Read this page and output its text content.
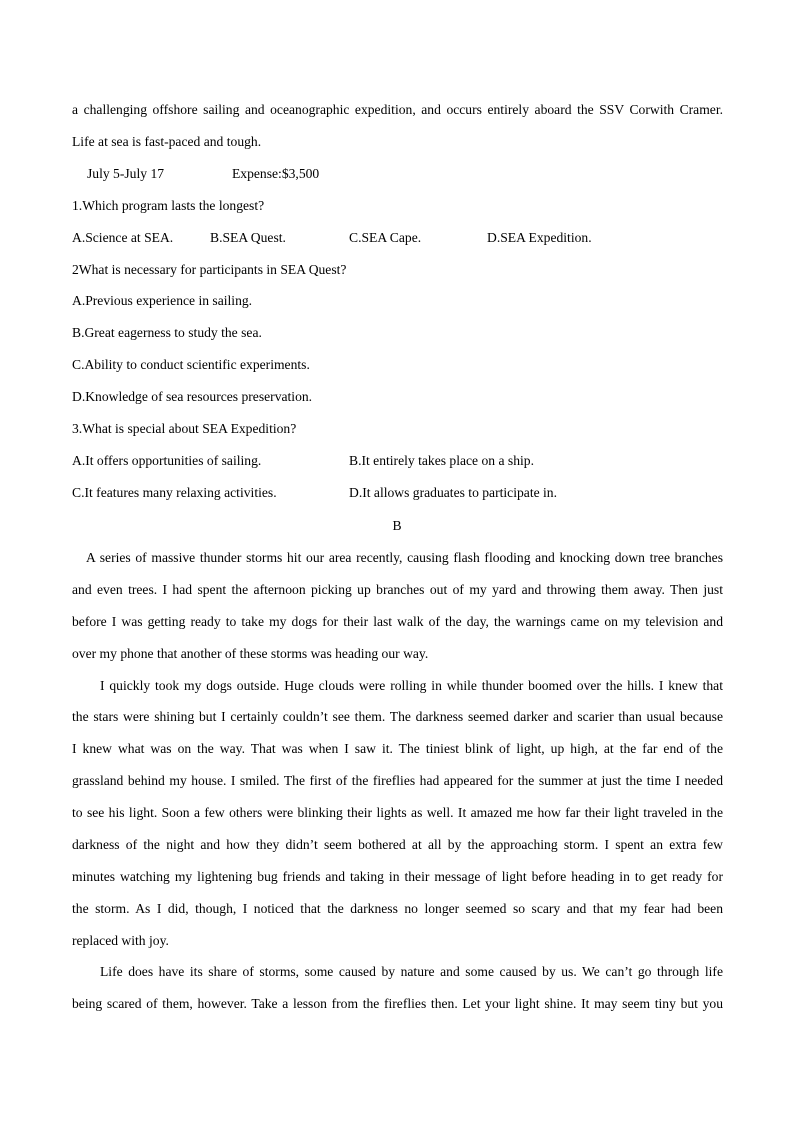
a challenging offshore sailing and oceanographic expedition, and occurs entirely aboard the SSV Corwith Cramer.
Life at sea is fast-paced and tough.
July 5-July 17	Expense:$3,500
1.Which program lasts the longest?
A.Science at SEA.	B.SEA Quest.	C.SEA Cape.	D.SEA Expedition.
2What is necessary for participants in SEA Quest?
A.Previous experience in sailing.
B.Great eagerness to study the sea.
C.Ability to conduct scientific experiments.
D.Knowledge of sea resources preservation.
3.What is special about SEA Expedition?
A.It offers opportunities of sailing.	B.It entirely takes place on a ship.
C.It features many relaxing activities.	D.It allows graduates to participate in.
B
A series of massive thunder storms hit our area recently, causing flash flooding and knocking down tree branches
and even trees. I had spent the afternoon picking up branches out of my yard and throwing them away. Then just
before I was getting ready to take my dogs for their last walk of the day, the warnings came on my television and
over my phone that another of these storms was heading our way.
I quickly took my dogs outside. Huge clouds were rolling in while thunder boomed over the hills. I knew that
the stars were shining but I certainly couldn’t see them. The darkness seemed darker and scarier than usual because
I knew what was on the way. That was when I saw it. The tiniest blink of light, up high, at the far end of the
grassland behind my house. I smiled. The first of the fireflies had appeared for the summer at just the time I needed
to see his light. Soon a few others were blinking their lights as well. It amazed me how far their light traveled in the
darkness of the night and how they didn’t seem bothered at all by the approaching storm. I spent an extra few
minutes watching my lightening bug friends and taking in their message of light before heading in to get ready for
the storm. As I did, though, I noticed that the darkness no longer seemed so scary and that my fear had been
replaced with joy.
Life does have its share of storms, some caused by nature and some caused by us. We can’t go through life
being scared of them, however. Take a lesson from the fireflies then. Let your light shine. It may seem tiny but you
